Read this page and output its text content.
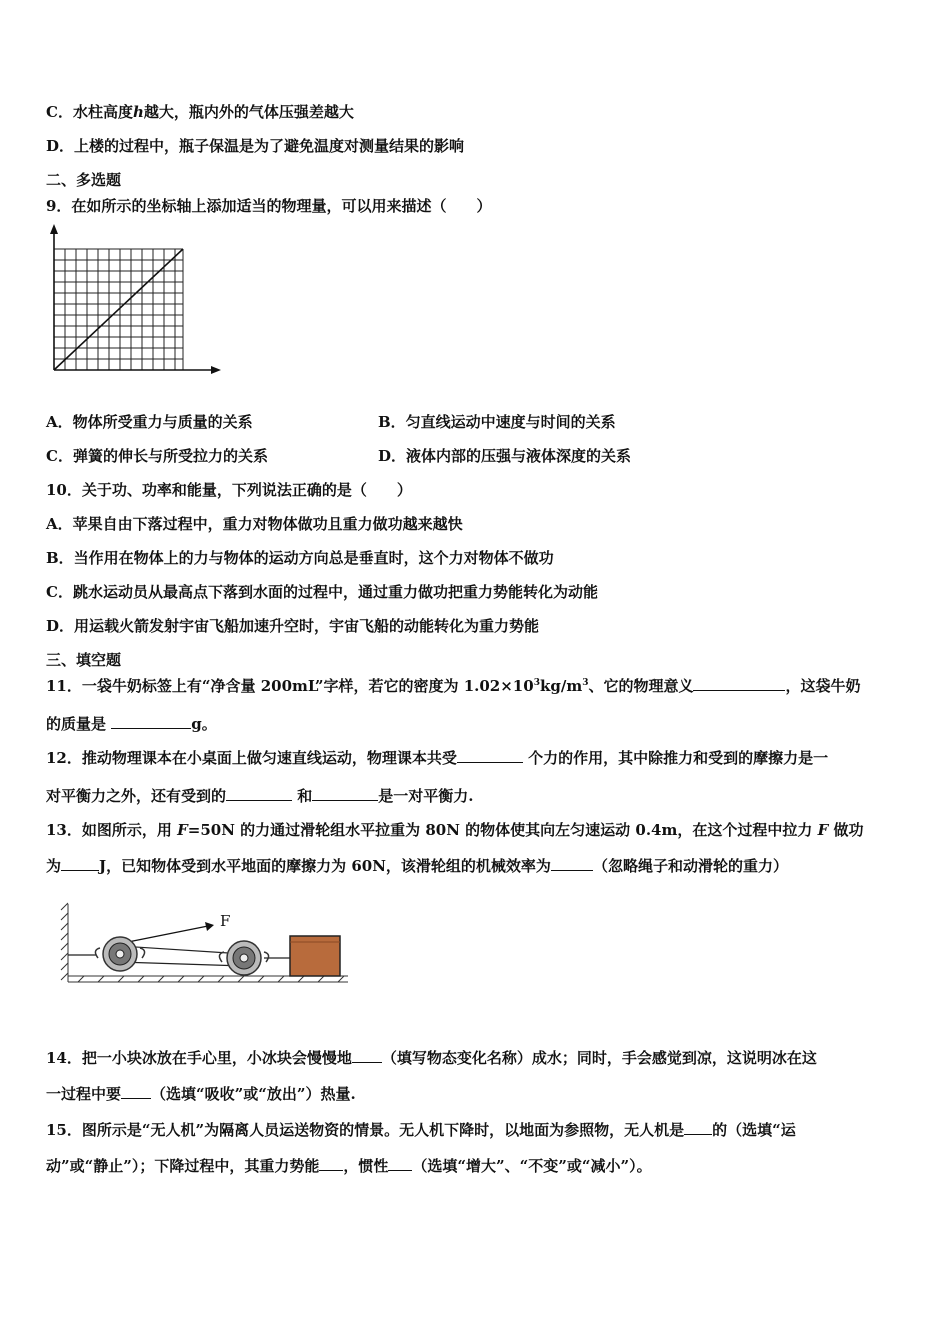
C．水柱高度h越大，瓶内外的气体压强差越大
D．上楼的过程中，瓶子保温是为了避免温度对测量结果的影响
二、多选题
9．在如所示的坐标轴上添加适当的物理量，可以用来描述（　　）
A．物体所受重力与质量的关系	B．匀直线运动中速度与时间的关系
C．弹簧的伸长与所受拉力的关系	D．液体内部的压强与液体深度的关系
10．关于功、功率和能量，下列说法正确的是（　　）
A．苹果自由下落过程中，重力对物体做功且重力做功越来越快
B．当作用在物体上的力与物体的运动方向总是垂直时，这个力对物体不做功
C．跳水运动员从最高点下落到水面的过程中，通过重力做功把重力势能转化为动能
D．用运载火箭发射宇宙飞船加速升空时，宇宙飞船的动能转化为重力势能
三、填空题
11．一袋牛奶标签上有“净含量 200mL”字样，若它的密度为 $1.02\times 10^3kg/m^3$、它的物理意义	，这袋牛奶
的质量是	g。
12．推动物理课本在小桌面上做匀速直线运动，物理课本共受	个力的作用，其中除推力和受到的摩擦力是一
对平衡力之外，还有受到的	和	是一对平衡力.
13．如图所示，用 F=50N 的力通过滑轮组水平拉重为 80N 的物体使其向左匀速运动 0.4m，在这个过程中拉力 F 做功
为	J，已知物体受到水平地面的摩擦力为 60N，该滑轮组的机械效率为	（忽略绳子和动滑轮的重力）
F
14．把一小块冰放在手心里，小冰块会慢慢地 （填写物态变化名称）成水；同时，手会感觉到凉，这说明冰在这
一过程中要 （选填“吸收”或“放出”）热量.
15．图所示是“无人机”为隔离人员运送物资的情景。无人机下降时，以地面为参照物，无人机是 的（选填“运
动”或“静止”）；下降过程中，其重力势能 ，惯性 （选填“增大”、“不变”或“减小”）。
